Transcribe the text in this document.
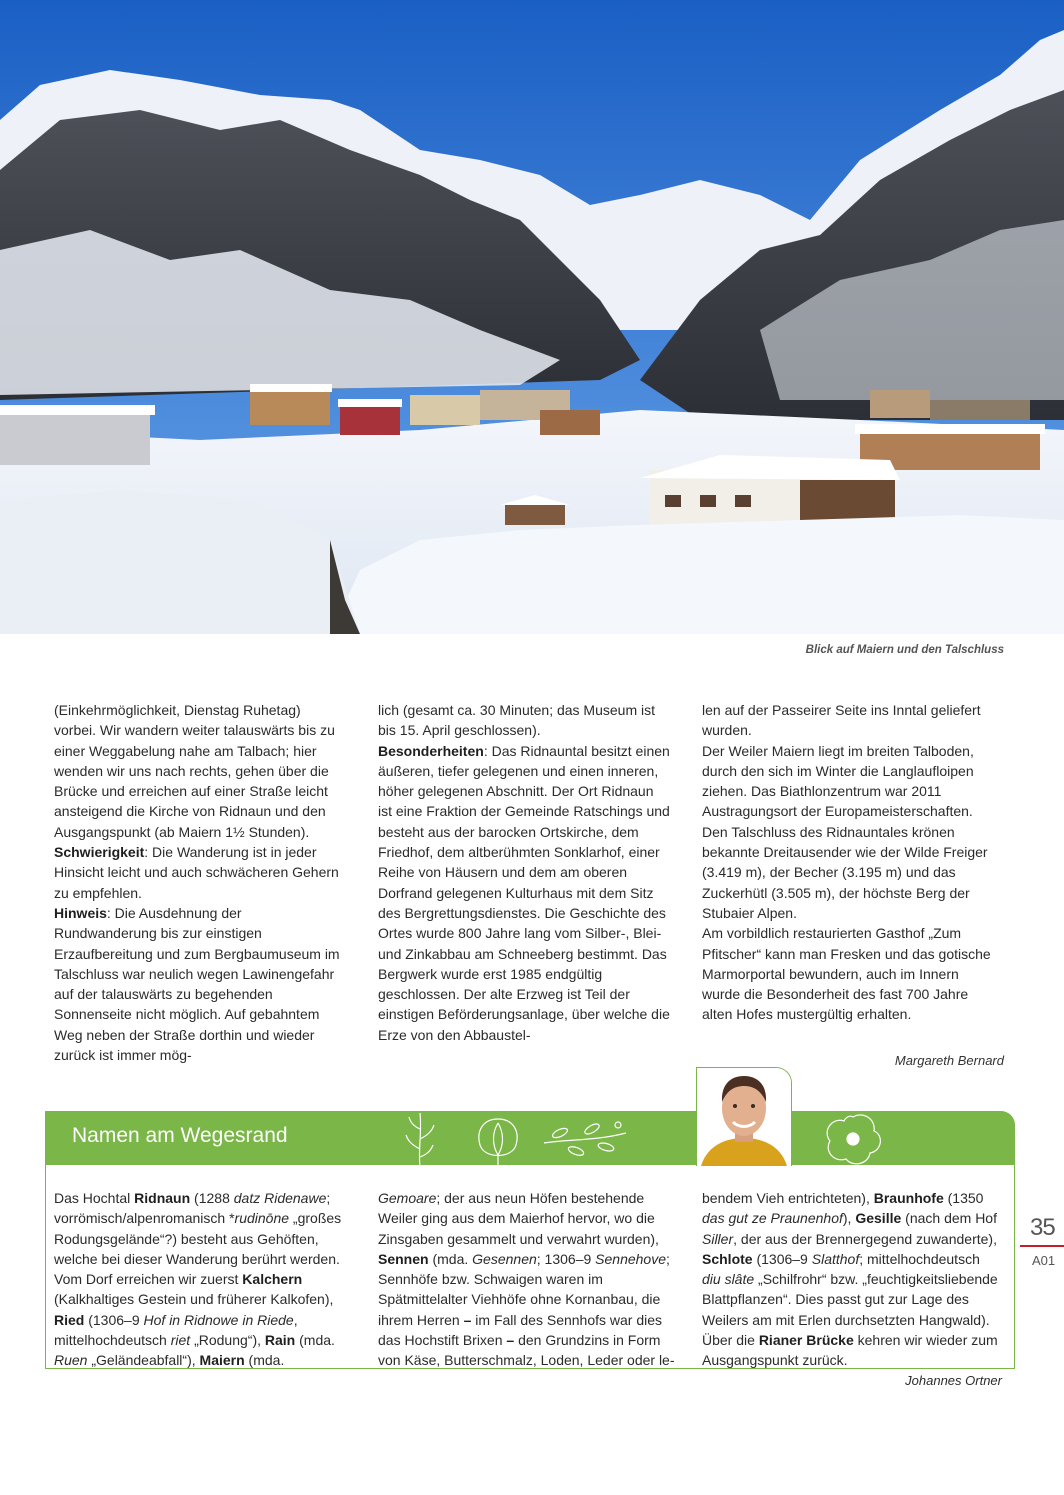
Blick auf Maiern und den Talschluss

(Einkehrmöglichkeit, Dienstag Ruhetag) vorbei. Wir wandern weiter talauswärts bis zu einer Weggabelung nahe am Talbach; hier wenden wir uns nach rechts, gehen über die Brücke und erreichen auf einer Straße leicht ansteigend die Kirche von Ridnaun und den Ausgangspunkt (ab Maiern 1½ Stunden).

Schwierigkeit: Die Wanderung ist in jeder Hinsicht leicht und auch schwächeren Gehern zu empfehlen.

Hinweis: Die Ausdehnung der Rundwanderung bis zur einstigen Erzaufbereitung und zum Bergbaumuseum im Talschluss war neulich wegen Lawinengefahr auf der talauswärts zu begehenden Sonnenseite nicht möglich. Auf gebahntem Weg neben der Straße dorthin und wieder zurück ist immer mög-

lich (gesamt ca. 30 Minuten; das Museum ist bis 15. April geschlossen).

Besonderheiten: Das Ridnauntal besitzt einen äußeren, tiefer gelegenen und einen inneren, höher gelegenen Abschnitt. Der Ort Ridnaun ist eine Fraktion der Gemeinde Ratschings und besteht aus der barocken Ortskirche, dem Friedhof, dem altberühmten Sonklarhof, einer Reihe von Häusern und dem am oberen Dorfrand gelegenen Kulturhaus mit dem Sitz des Bergrettungsdienstes. Die Geschichte des Ortes wurde 800 Jahre lang vom Silber-, Blei- und Zinkabbau am Schneeberg bestimmt. Das Bergwerk wurde erst 1985 endgültig geschlossen. Der alte Erzweg ist Teil der einstigen Beförderungsanlage, über welche die Erze von den Abbaustel-

len auf der Passeirer Seite ins Inntal geliefert wurden.

Der Weiler Maiern liegt im breiten Talboden, durch den sich im Winter die Langlaufloipen ziehen. Das Biathlonzentrum war 2011 Austragungsort der Europameisterschaften.

Den Talschluss des Ridnauntales krönen bekannte Dreitausender wie der Wilde Freiger (3.419 m), der Becher (3.195 m) und das Zuckerhütl (3.505 m), der höchste Berg der Stubaier Alpen.

Am vorbildlich restaurierten Gasthof „Zum Pfitscher“ kann man Fresken und das gotische Marmorportal bewundern, auch im Innern wurde die Besonderheit des fast 700 Jahre alten Hofes mustergültig erhalten.

Margareth Bernard
Namen am Wegesrand

Das Hochtal Ridnaun (1288 datz Ridenawe; vorrömisch/alpenromanisch *rudinōne „großes Rodungsgelände“?) besteht aus Gehöften, welche bei dieser Wanderung berührt werden. Vom Dorf erreichen wir zuerst Kalchern (Kalkhaltiges Gestein und früherer Kalkofen), Ried (1306–9 Hof in Ridnowe in Riede, mittelhochdeutsch riet „Rodung“), Rain (mda. Ruen „Geländeabfall“), Maiern (mda.

Gemoare; der aus neun Höfen bestehende Weiler ging aus dem Maierhof hervor, wo die Zinsgaben gesammelt und verwahrt wurden), Sennen (mda. Gesennen; 1306–9 Sennehove; Sennhöfe bzw. Schwaigen waren im Spätmittelalter Viehhöfe ohne Kornanbau, die ihrem Herren – im Fall des Sennhofs war dies das Hochstift Brixen – den Grundzins in Form von Käse, Butterschmalz, Loden, Leder oder le-

bendem Vieh entrichteten), Braunhofe (1350 das gut ze Praunenhof), Gesille (nach dem Hof Siller, der aus der Brennergegend zuwanderte), Schlote (1306–9 Slatthof; mittelhochdeutsch diu slâte „Schilfrohr“ bzw. „feuchtigkeitsliebende Blattpflanzen“. Dies passt gut zur Lage des Weilers am mit Erlen durchsetzten Hangwald). Über die Rianer Brücke kehren wir wieder zum Ausgangspunkt zurück.

Johannes Ortner
35
A01
